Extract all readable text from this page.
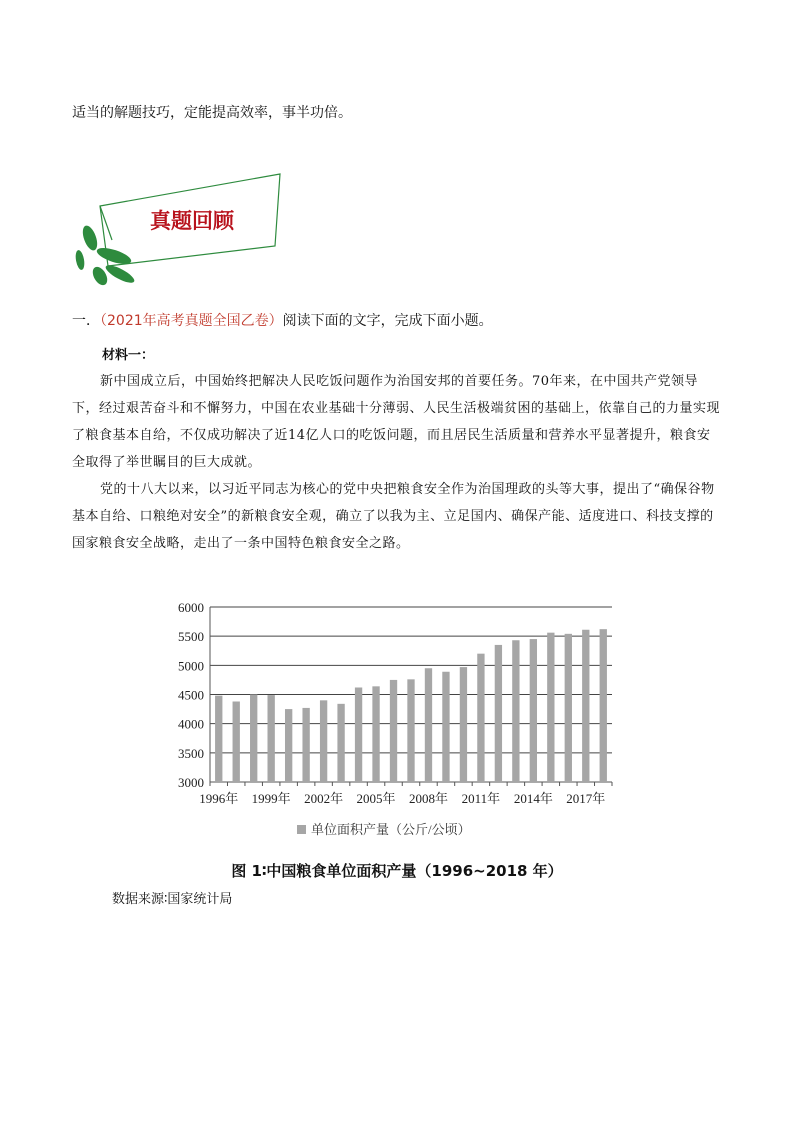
适当的解题技巧，定能提高效率，事半功倍。
真题回顾
一．（2021年高考真题全国乙卷）阅读下面的文字，完成下面小题。
材料一：

新中国成立后，中国始终把解决人民吃饭问题作为治国安邦的首要任务。70年来，在中国共产党领导下，经过艰苦奋斗和不懈努力，中国在农业基础十分薄弱、人民生活极端贫困的基础上，依靠自己的力量实现了粮食基本自给，不仅成功解决了近14亿人口的吃饭问题，而且居民生活质量和营养水平显著提升，粮食安全取得了举世瞩目的巨大成就。

党的十八大以来，以习近平同志为核心的党中央把粮食安全作为治国理政的头等大事，提出了“确保谷物基本自给、口粮绝对安全”的新粮食安全观，确立了以我为主、立足国内、确保产能、适度进口、科技支撑的国家粮食安全战略，走出了一条中国特色粮食安全之路。

3000
3500
4000
4500
5000
5500
6000
1996年 1999年 2002年 2005年 2008年 2011年 2014年 2017年
单位面积产量（公斤/公顷）
图 1∶中国粮食单位面积产量（1996~2018 年）
数据来源∶国家统计局
